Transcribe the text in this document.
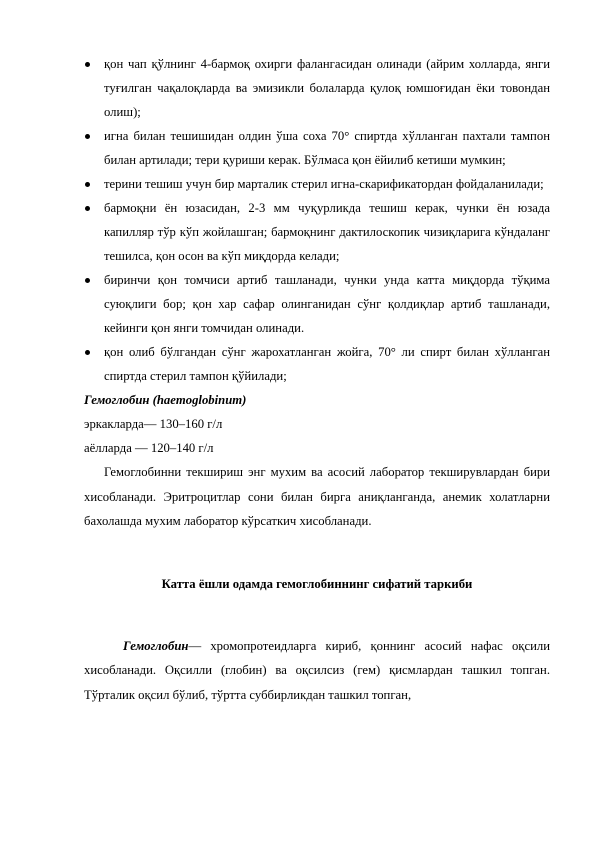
қон чап қўлнинг 4-бармоқ охирги фалангасидан олинади (айрим холларда, янги туғилган чақалоқларда ва эмизикли болаларда қулоқ юмшоғидан ёки товондан олиш);
игна билан тешишидан олдин ўша соха 70° спиртда хўлланган пахтали тампон билан артилади; тери қуриши керак. Бўлмаса қон ёйилиб кетиши мумкин;
терини тешиш учун бир марталик стерил игна-скарификатордан фойдаланилади;
бармоқни ён юзасидан, 2-3 мм чуқурликда тешиш керак, чунки ён юзада капилляр тўр кўп жойлашган; бармоқнинг дактилоскопик чизиқларига кўндаланг тешилса, қон осон ва кўп миқдорда келади;
биринчи қон томчиси артиб ташланади, чунки унда катта миқдорда тўқима суюқлиги бор; қон хар сафар олинганидан сўнг қолдиқлар артиб ташланади, кейинги қон янги томчидан олинади.
қон олиб бўлгандан сўнг жарохатланган жойга, 70° ли спирт билан хўлланган спиртда стерил тампон қўйилади;

Гемоглобин (haemoglobinum)

эркакларда— 130–160 г/л

аёлларда — 120–140 г/л

Гемоглобинни текшириш энг мухим ва асосий лаборатор текширувлардан бири хисобланади. Эритроцитлар сони билан бирга аниқланганда, анемик холатларни бахолашда мухим лаборатор кўрсаткич хисобланади.

Катта ёшли одамда гемоглобиннинг сифатий таркиби

Гемоглобин— хромопротеидларга кириб, қоннинг асосий нафас оқсили хисобланади. Оқсилли (глобин) ва оқсилсиз (гем) қисмлардан ташкил топган. Тўрталик оқсил бўлиб, тўртта суббирликдан ташкил топган,
